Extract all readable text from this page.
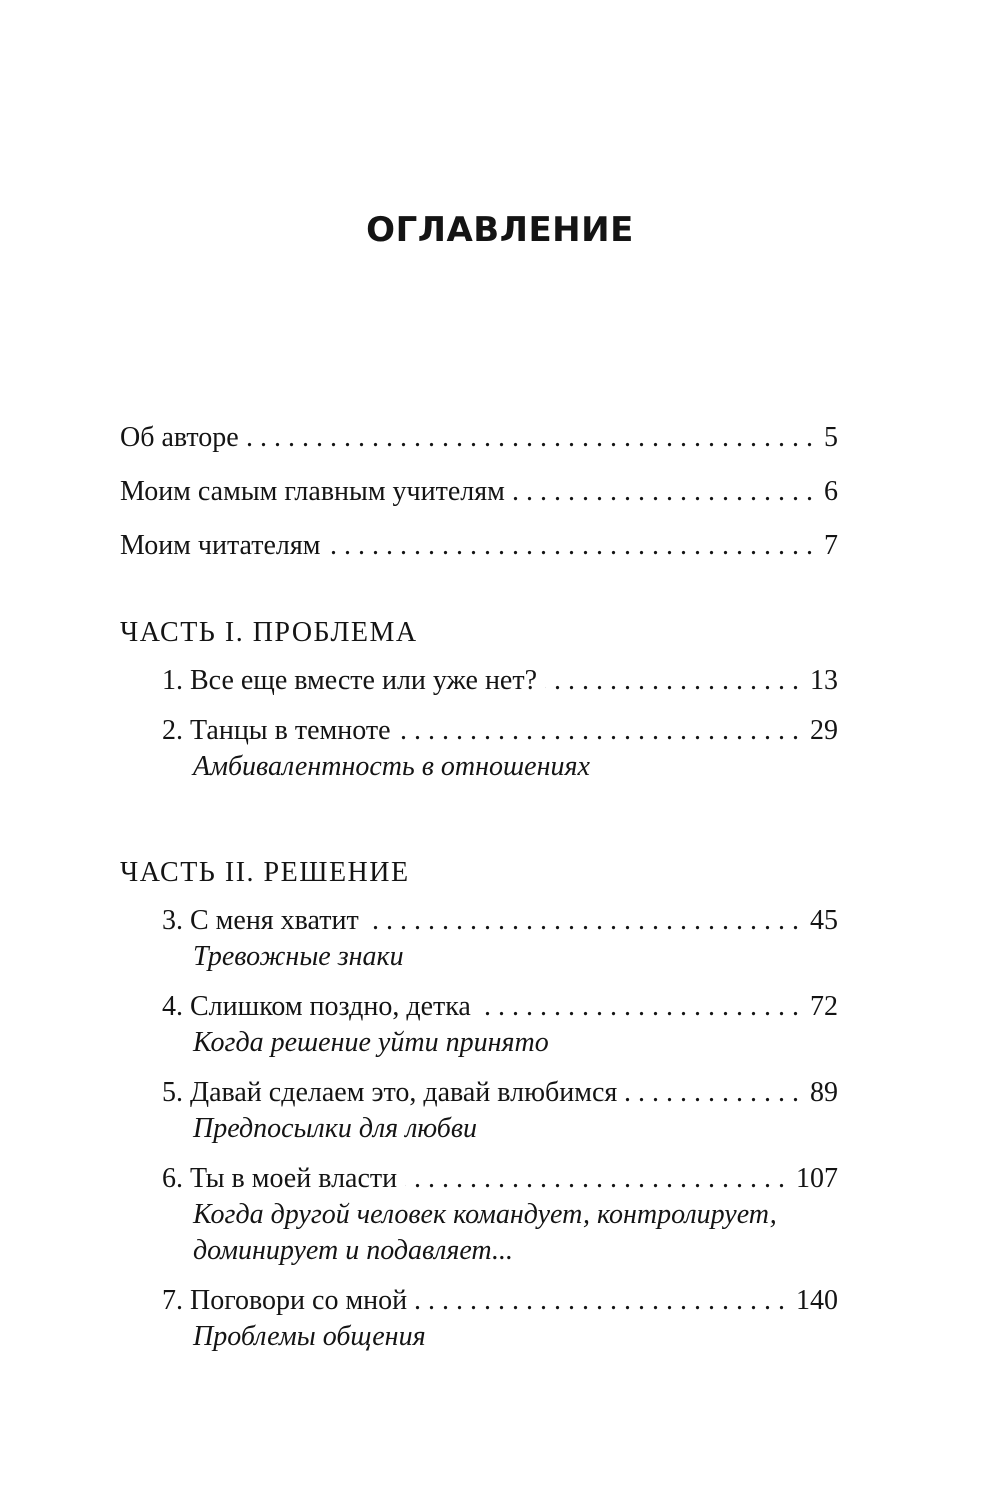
ОГЛАВЛЕНИЕ
. . . 5
Об авторе
. . . 6
Моим самым главным учителям
. . . 7
Моим читателям
ЧАСТЬ I. ПРОБЛЕМА
. . . 13
1. Все еще вместе или уже нет?
. . . 29
2. Танцы в темноте
Амбивалентность в отношениях
ЧАСТЬ II. РЕШЕНИЕ
. . . 45
3. С меня хватит
Тревожные знаки
. . . 72
4. Слишком поздно, детка
Когда решение уйти принято
. . . 89
5. Давай сделаем это, давай влюбимся
Предпосылки для любви
. . . 107
6. Ты в моей власти
Когда другой человек командует, контролирует, доминирует и подавляет...
. . . 140
7. Поговори со мной
Проблемы общения
